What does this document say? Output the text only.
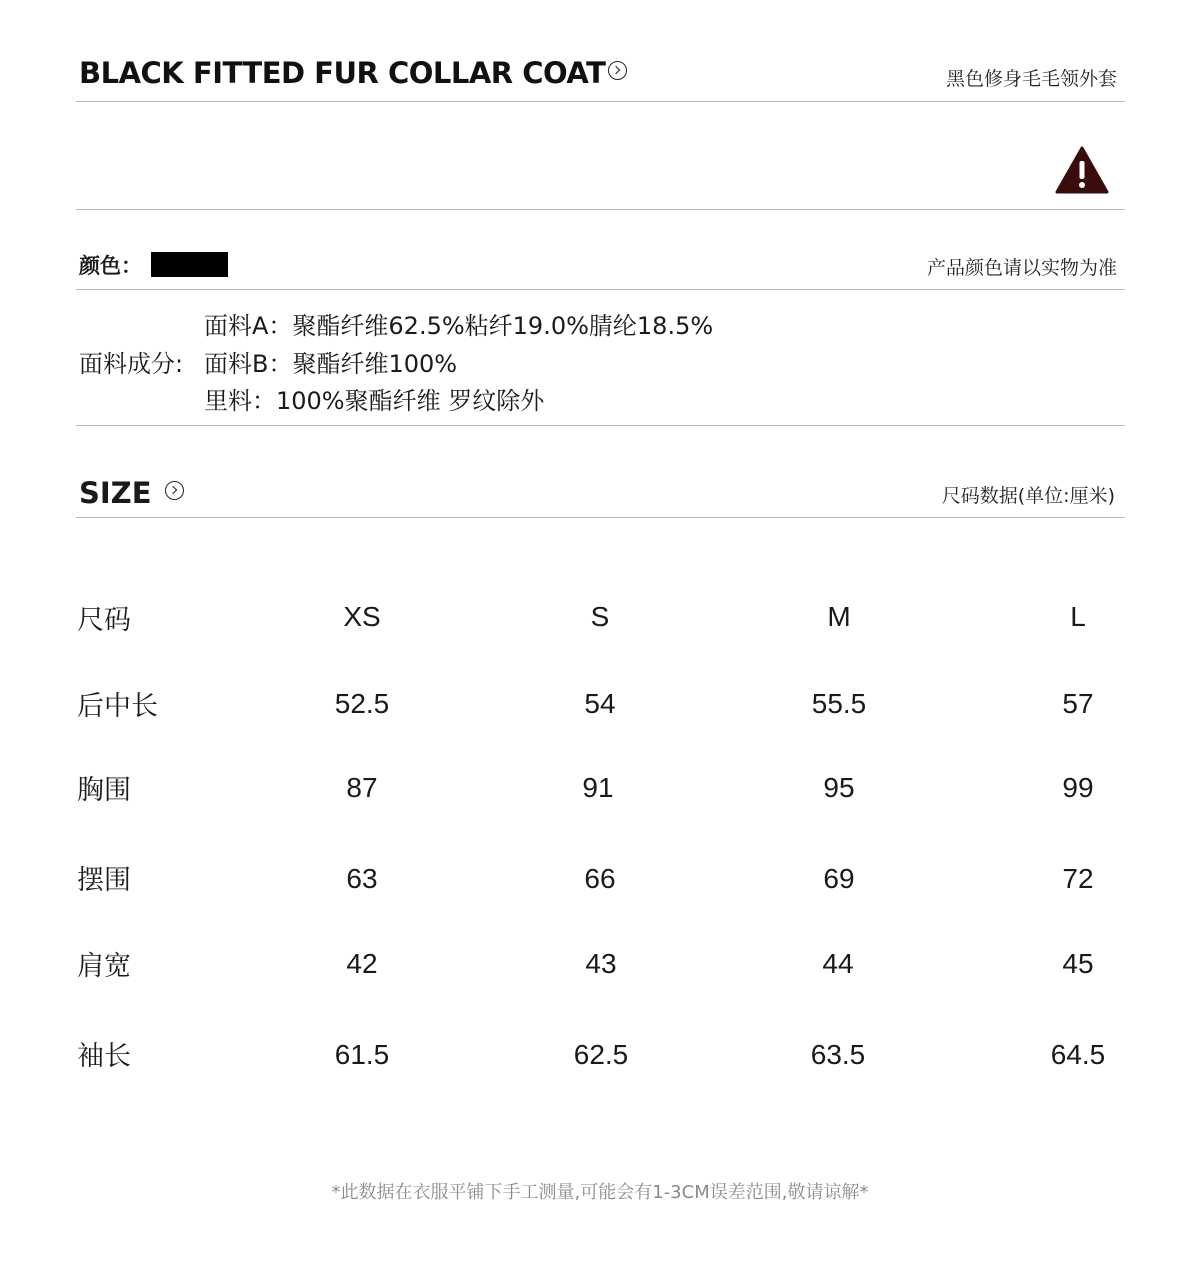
BLACK FITTED FUR COLLAR COAT	黑色修身毛毛领外套
颜色：	产品颜色请以实物为准
面料成分:
面料A：聚酯纤维62.5%粘纤19.0%腈纶18.5%
面料B：聚酯纤维100%
里料：100%聚酯纤维 罗纹除外
SIZE	尺码数据(单位:厘米)
尺码	XS	S	M	L
后中长	52.5	54	55.5	57
胸围	87	91	95	99
摆围	63	66	69	72
肩宽	42	43	44	45
袖长	61.5	62.5	63.5	64.5
*此数据在衣服平铺下手工测量,可能会有1-3CM误差范围,敬请谅解*
